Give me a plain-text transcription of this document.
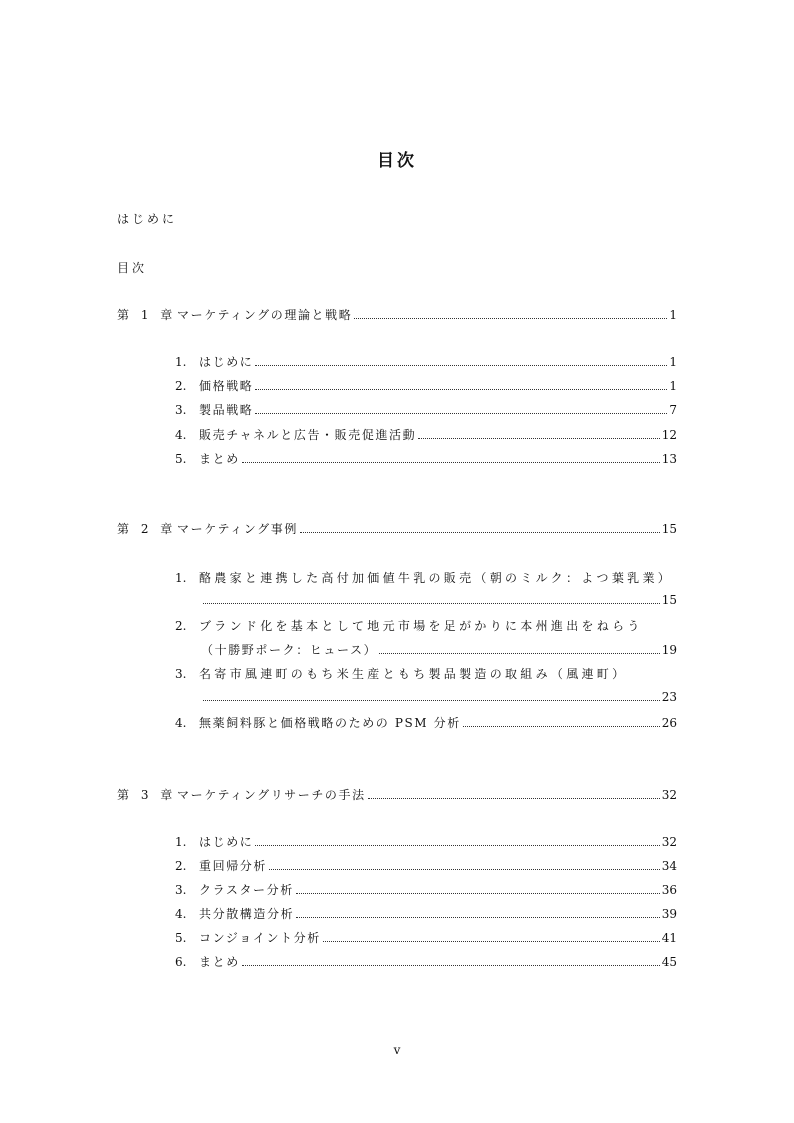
目次
はじめに
目次
第 1 章 マーケティングの理論と戦略	1
1.	はじめに	1
2.	価格戦略	1
3.	製品戦略	7
4.	販売チャネルと広告・販売促進活動	12
5.	まとめ	13
第 2 章 マーケティング事例	15
1.	酪農家と連携した高付加価値牛乳の販売（朝のミルク：よつ葉乳業）
15
2.	ブランド化を基本として地元市場を足がかりに本州進出をねらう
（十勝野ポーク：ヒュース）	19
3.	名寄市風連町のもち米生産ともち製品製造の取組み（風連町）
23
4.	無薬飼料豚と価格戦略のための PSM 分析	26
第 3 章 マーケティングリサーチの手法	32
1.	はじめに	32
2.	重回帰分析	34
3.	クラスター分析	36
4.	共分散構造分析	39
5.	コンジョイント分析	41
6.	まとめ	45
v
